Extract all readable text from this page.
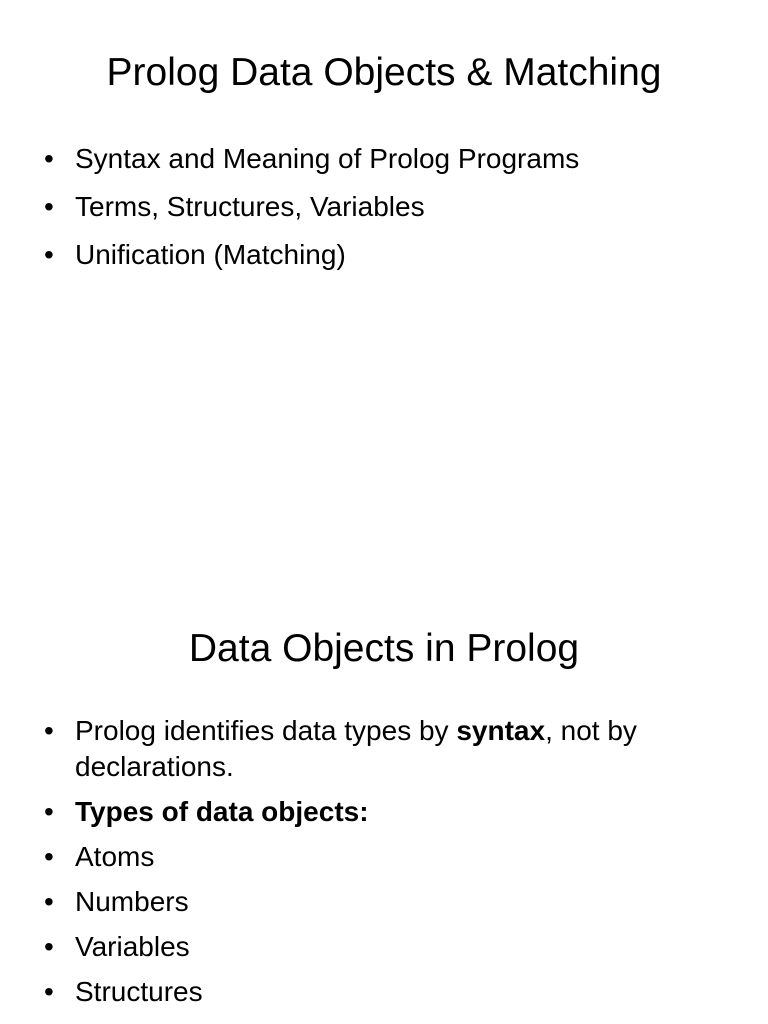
Prolog Data Objects & Matching
• Syntax and Meaning of Prolog Programs
• Terms, Structures, Variables
• Unification (Matching)
Data Objects in Prolog
• Prolog identifies data types by syntax, not by declarations.
• Types of data objects:
• Atoms
• Numbers
• Variables
• Structures
